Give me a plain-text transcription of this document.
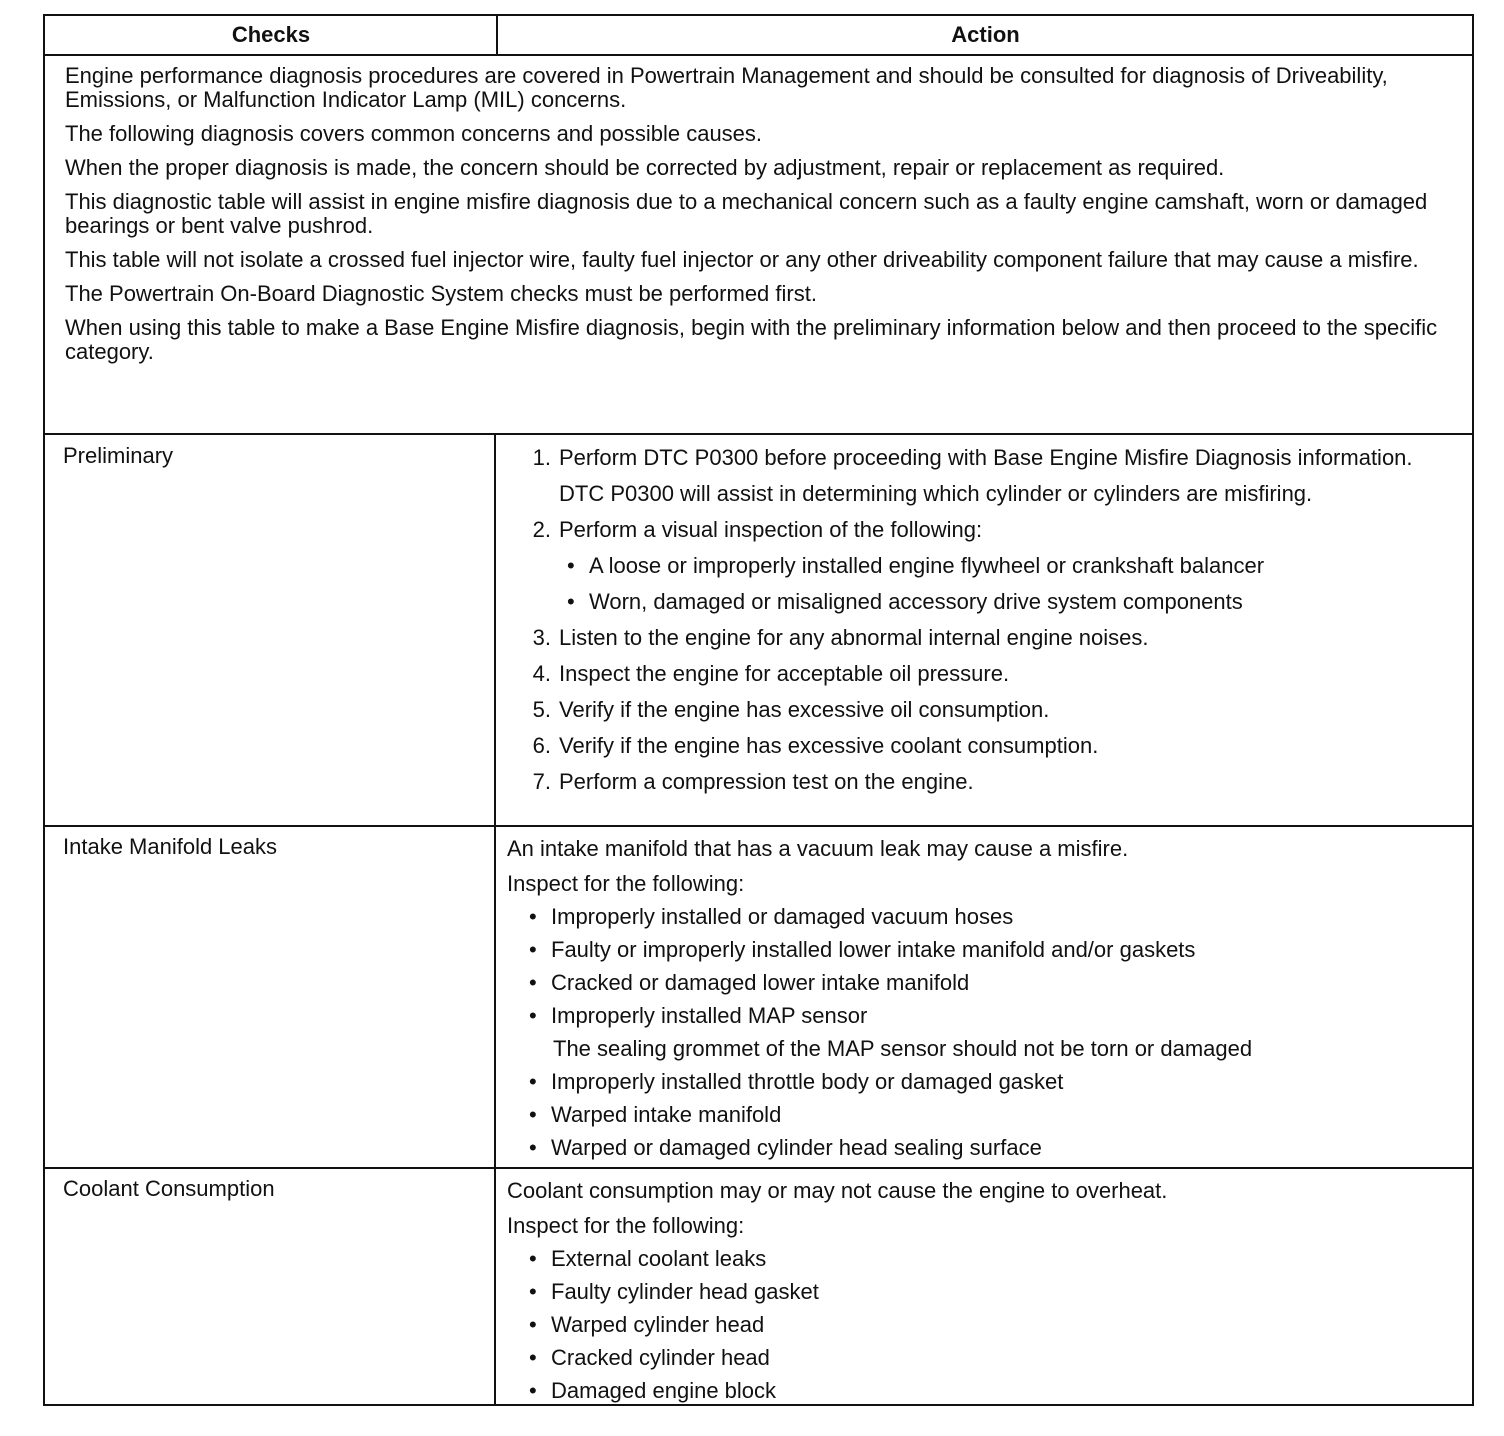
Checks	Action

Engine performance diagnosis procedures are covered in Powertrain Management and should be consulted for diagnosis of Driveability, Emissions, or Malfunction Indicator Lamp (MIL) concerns.

The following diagnosis covers common concerns and possible causes.

When the proper diagnosis is made, the concern should be corrected by adjustment, repair or replacement as required.

This diagnostic table will assist in engine misfire diagnosis due to a mechanical concern such as a faulty engine camshaft, worn or damaged bearings or bent valve pushrod.

This table will not isolate a crossed fuel injector wire, faulty fuel injector or any other driveability component failure that may cause a misfire.

The Powertrain On-Board Diagnostic System checks must be performed first.

When using this table to make a Base Engine Misfire diagnosis, begin with the preliminary information below and then proceed to the specific category.

Preliminary	1. Perform DTC P0300 before proceeding with Base Engine Misfire Diagnosis information.

DTC P0300 will assist in determining which cylinder or cylinders are misfiring.

2. Perform a visual inspection of the following:
• A loose or improperly installed engine flywheel or crankshaft balancer
• Worn, damaged or misaligned accessory drive system components
3. Listen to the engine for any abnormal internal engine noises.
4. Inspect the engine for acceptable oil pressure.
5. Verify if the engine has excessive oil consumption.
6. Verify if the engine has excessive coolant consumption.
7. Perform a compression test on the engine.
Intake Manifold Leaks	An intake manifold that has a vacuum leak may cause a misfire.

Inspect for the following:

• Improperly installed or damaged vacuum hoses
• Faulty or improperly installed lower intake manifold and/or gaskets
• Cracked or damaged lower intake manifold
• Improperly installed MAP sensor

The sealing grommet of the MAP sensor should not be torn or damaged

• Improperly installed throttle body or damaged gasket
• Warped intake manifold
• Warped or damaged cylinder head sealing surface
Coolant Consumption	Coolant consumption may or may not cause the engine to overheat.

Inspect for the following:

• External coolant leaks
• Faulty cylinder head gasket
• Warped cylinder head
• Cracked cylinder head
• Damaged engine block
